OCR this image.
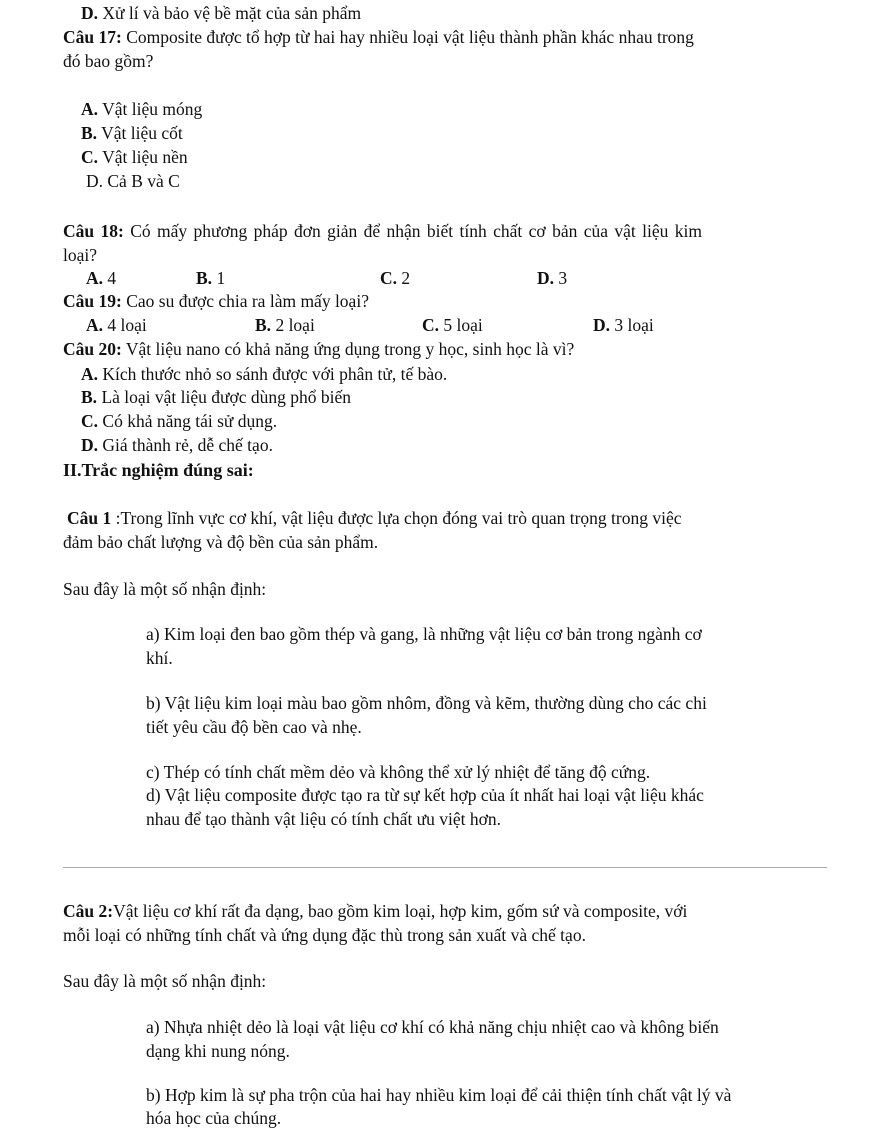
D. Xử lí và bảo vệ bề mặt của sản phẩm
Câu 17: Composite được tổ hợp từ hai hay nhiều loại vật liệu thành phần khác nhau trong
đó bao gồm?
A. Vật liệu móng
B. Vật liệu cốt
C. Vật liệu nền
D. Cả B và C
Câu 18: Có mấy phương pháp đơn giản để nhận biết tính chất cơ bản của vật liệu kim
loại?
A. 4	B. 1	C. 2	D. 3
Câu 19: Cao su được chia ra làm mấy loại?
A. 4 loại	B. 2 loại	C. 5 loại	D. 3 loại
Câu 20: Vật liệu nano có khả năng ứng dụng trong y học, sinh học là vì?
A. Kích thước nhỏ so sánh được với phân tử, tế bào.
B. Là loại vật liệu được dùng phổ biến
C. Có khả năng tái sử dụng.
D. Giá thành rẻ, dễ chế tạo.
II.Trắc nghiệm đúng sai:
Câu 1 :Trong lĩnh vực cơ khí, vật liệu được lựa chọn đóng vai trò quan trọng trong việc
đảm bảo chất lượng và độ bền của sản phẩm.
Sau đây là một số nhận định:
a) Kim loại đen bao gồm thép và gang, là những vật liệu cơ bản trong ngành cơ
khí.
b) Vật liệu kim loại màu bao gồm nhôm, đồng và kẽm, thường dùng cho các chi
tiết yêu cầu độ bền cao và nhẹ.
c) Thép có tính chất mềm dẻo và không thể xử lý nhiệt để tăng độ cứng.
d) Vật liệu composite được tạo ra từ sự kết hợp của ít nhất hai loại vật liệu khác
nhau để tạo thành vật liệu có tính chất ưu việt hơn.
Câu 2:Vật liệu cơ khí rất đa dạng, bao gồm kim loại, hợp kim, gốm sứ và composite, với
mỗi loại có những tính chất và ứng dụng đặc thù trong sản xuất và chế tạo.
Sau đây là một số nhận định:
a) Nhựa nhiệt dẻo là loại vật liệu cơ khí có khả năng chịu nhiệt cao và không biến
dạng khi nung nóng.
b) Hợp kim là sự pha trộn của hai hay nhiều kim loại để cải thiện tính chất vật lý và
hóa học của chúng.
